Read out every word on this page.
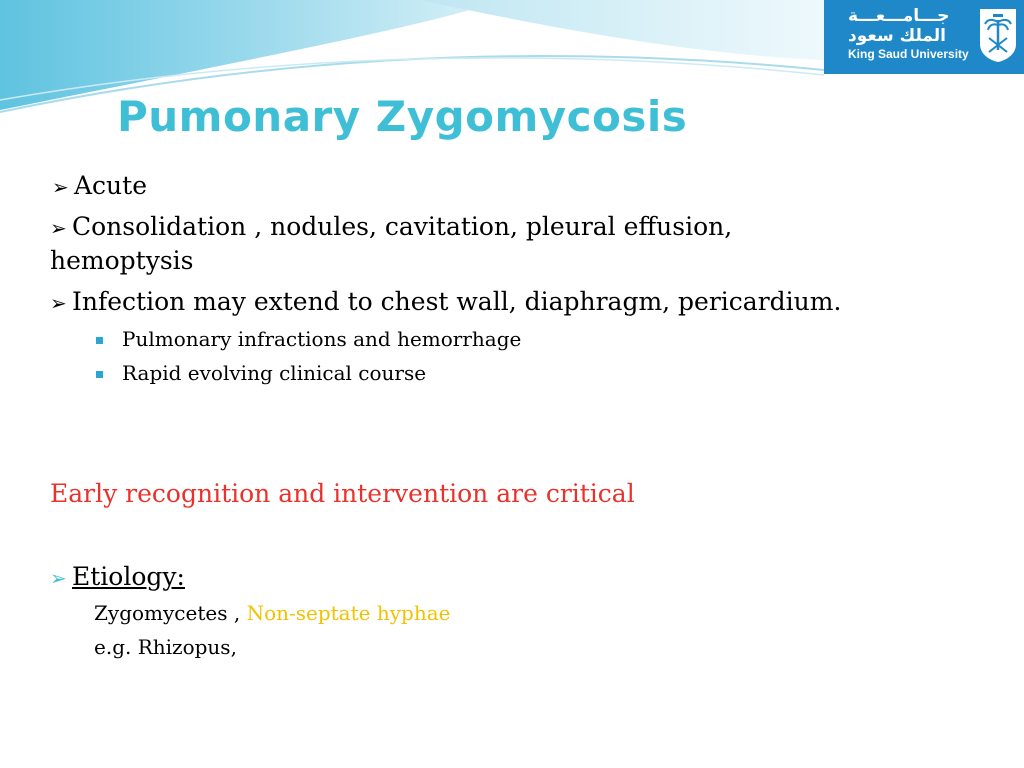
جـــامـــعـــة
الملك سعود
King Saud University
Pumonary Zygomycosis
➢ Acute
➢ Consolidation , nodules, cavitation, pleural effusion,
hemoptysis
➢ Infection may extend to chest wall, diaphragm, pericardium.
Pulmonary infractions and hemorrhage
Rapid evolving clinical course
Early recognition and intervention are critical
➢ Etiology:
Zygomycetes , Non-septate hyphae
e.g. Rhizopus,
